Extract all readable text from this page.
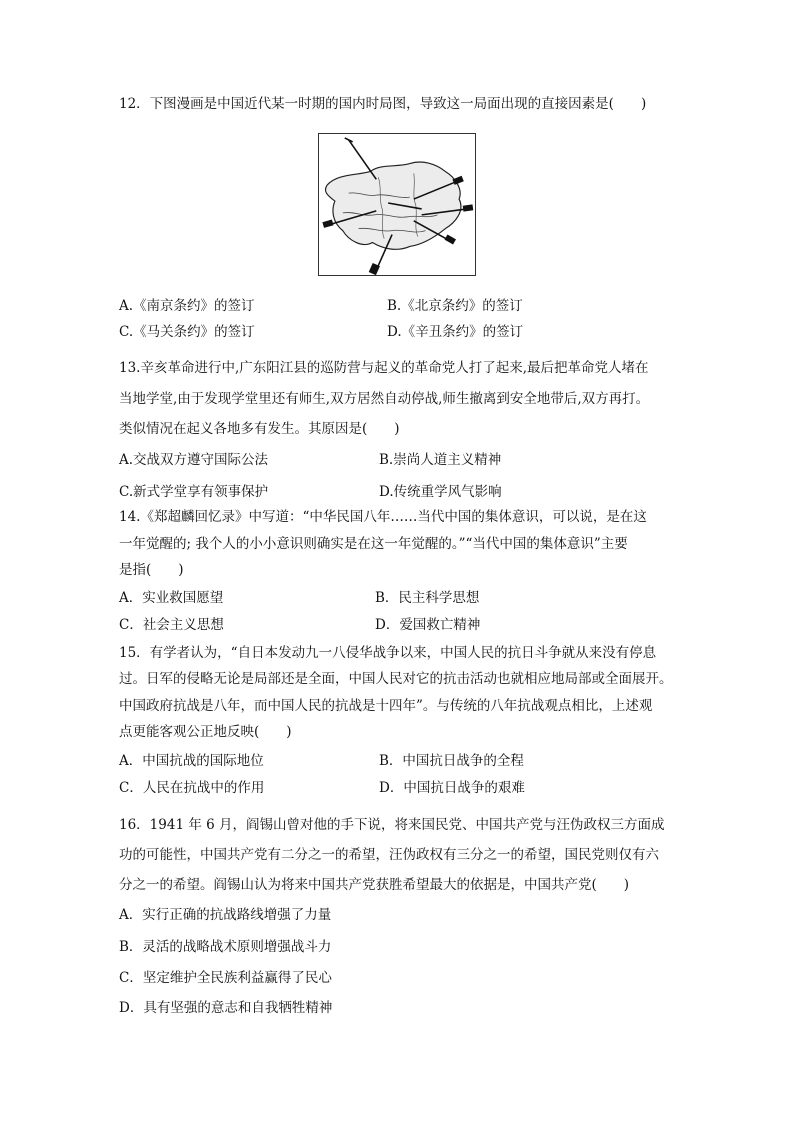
12．下图漫画是中国近代某一时期的国内时局图，导致这一局面出现的直接因素是(　　)
A.《南京条约》的签订	B.《北京条约》的签订
C.《马关条约》的签订	D.《辛丑条约》的签订
13.辛亥革命进行中,广东阳江县的巡防营与起义的革命党人打了起来,最后把革命党人堵在
当地学堂,由于发现学堂里还有师生,双方居然自动停战,师生撤离到安全地带后,双方再打。
类似情况在起义各地多有发生。其原因是(　　)
A.交战双方遵守国际公法	B.崇尚人道主义精神
C.新式学堂享有领事保护	D.传统重学风气影响
14.《郑超麟回忆录》中写道：“中华民国八年……当代中国的集体意识，可以说，是在这
一年觉醒的; 我个人的小小意识则确实是在这一年觉醒的。”“当代中国的集体意识”主要
是指(　　)
A．实业救国愿望	B．民主科学思想
C．社会主义思想	D．爱国救亡精神
15．有学者认为，“自日本发动九一八侵华战争以来，中国人民的抗日斗争就从来没有停息
过。日军的侵略无论是局部还是全面，中国人民对它的抗击活动也就相应地局部或全面展开。
中国政府抗战是八年，而中国人民的抗战是十四年”。与传统的八年抗战观点相比，上述观
点更能客观公正地反映(　　)
A．中国抗战的国际地位	B．中国抗日战争的全程
C．人民在抗战中的作用	D．中国抗日战争的艰难
16．1941 年 6 月，阎锡山曾对他的手下说，将来国民党、中国共产党与汪伪政权三方面成
功的可能性，中国共产党有二分之一的希望，汪伪政权有三分之一的希望，国民党则仅有六
分之一的希望。阎锡山认为将来中国共产党获胜希望最大的依据是，中国共产党(　　)
A．实行正确的抗战路线增强了力量
B．灵活的战略战术原则增强战斗力
C．坚定维护全民族利益赢得了民心
D．具有坚强的意志和自我牺牲精神
